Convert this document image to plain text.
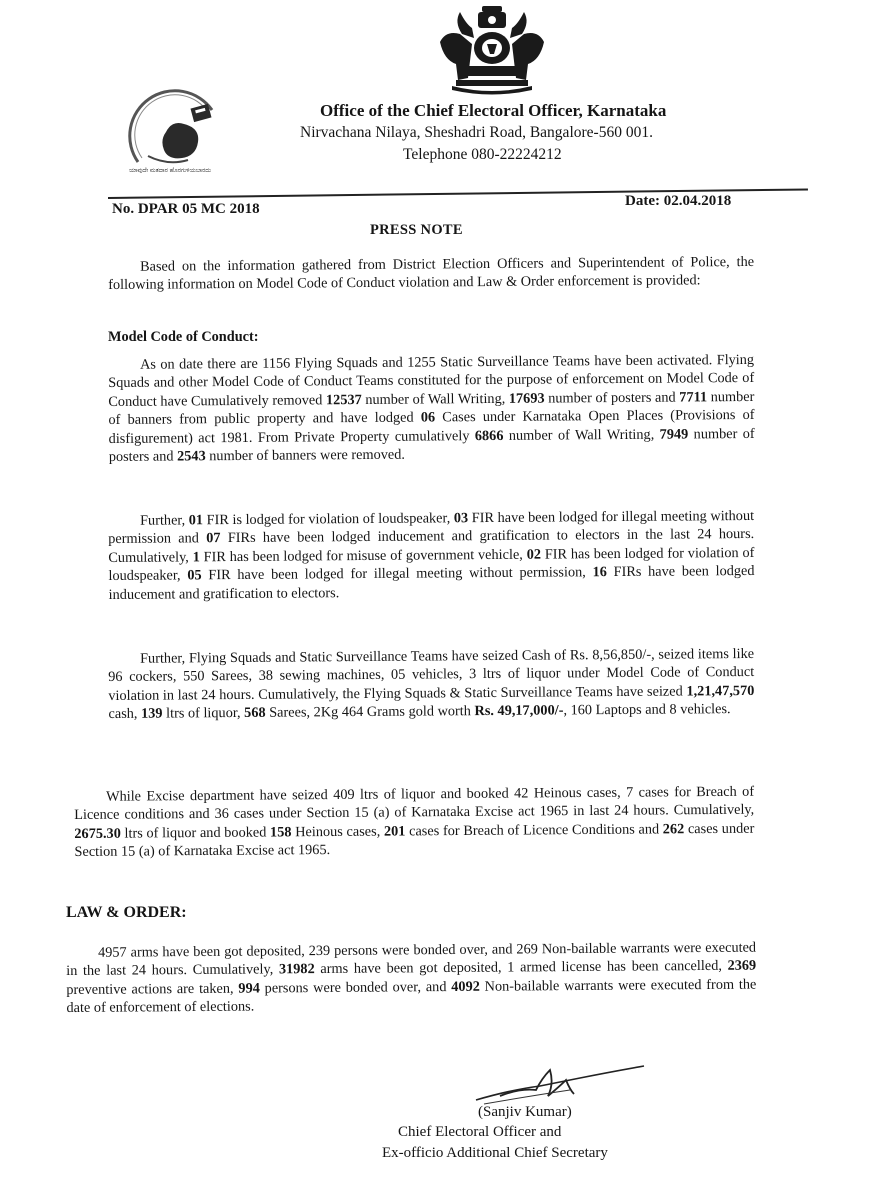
ಯಾವುದೇ ಮತದಾರ ಹೊರಗುಳಿಯಬಾರದು
Office of the Chief Electoral Officer, Karnataka
Nirvachana Nilaya, Sheshadri Road, Bangalore-560 001.
Telephone 080-22224212
No. DPAR 05 MC 2018	Date: 02.04.2018
PRESS NOTE

Based on the information gathered from District Election Officers and Superintendent of Police, the following information on Model Code of Conduct violation and Law & Order enforcement is provided:

Model Code of Conduct:

As on date there are 1156 Flying Squads and 1255 Static Surveillance Teams have been activated. Flying Squads and other Model Code of Conduct Teams constituted for the purpose of enforcement on Model Code of Conduct have Cumulatively removed 12537 number of Wall Writing, 17693 number of posters and 7711 number of banners from public property and have lodged 06 Cases under Karnataka Open Places (Provisions of disfigurement) act 1981. From Private Property cumulatively 6866 number of Wall Writing, 7949 number of posters and 2543 number of banners were removed.

Further, 01 FIR is lodged for violation of loudspeaker, 03 FIR have been lodged for illegal meeting without permission and 07 FIRs have been lodged inducement and gratification to electors in the last 24 hours. Cumulatively, 1 FIR has been lodged for misuse of government vehicle, 02 FIR has been lodged for violation of loudspeaker, 05 FIR have been lodged for illegal meeting without permission, 16 FIRs have been lodged inducement and gratification to electors.

Further, Flying Squads and Static Surveillance Teams have seized Cash of Rs. 8,56,850/-, seized items like 96 cockers, 550 Sarees, 38 sewing machines, 05 vehicles, 3 ltrs of liquor under Model Code of Conduct violation in last 24 hours. Cumulatively, the Flying Squads & Static Surveillance Teams have seized 1,21,47,570 cash, 139 ltrs of liquor, 568 Sarees, 2Kg 464 Grams gold worth Rs. 49,17,000/-, 160 Laptops and 8 vehicles.

While Excise department have seized 409 ltrs of liquor and booked 42 Heinous cases, 7 cases for Breach of Licence conditions and 36 cases under Section 15 (a) of Karnataka Excise act 1965 in last 24 hours. Cumulatively, 2675.30 ltrs of liquor and booked 158 Heinous cases, 201 cases for Breach of Licence Conditions and 262 cases under Section 15 (a) of Karnataka Excise act 1965.

LAW & ORDER:

4957 arms have been got deposited, 239 persons were bonded over, and 269 Non-bailable warrants were executed in the last 24 hours. Cumulatively, 31982 arms have been got deposited, 1 armed license has been cancelled, 2369 preventive actions are taken, 994 persons were bonded over, and 4092 Non-bailable warrants were executed from the date of enforcement of elections.

(Sanjiv Kumar)
Chief Electoral Officer and
Ex-officio Additional Chief Secretary
